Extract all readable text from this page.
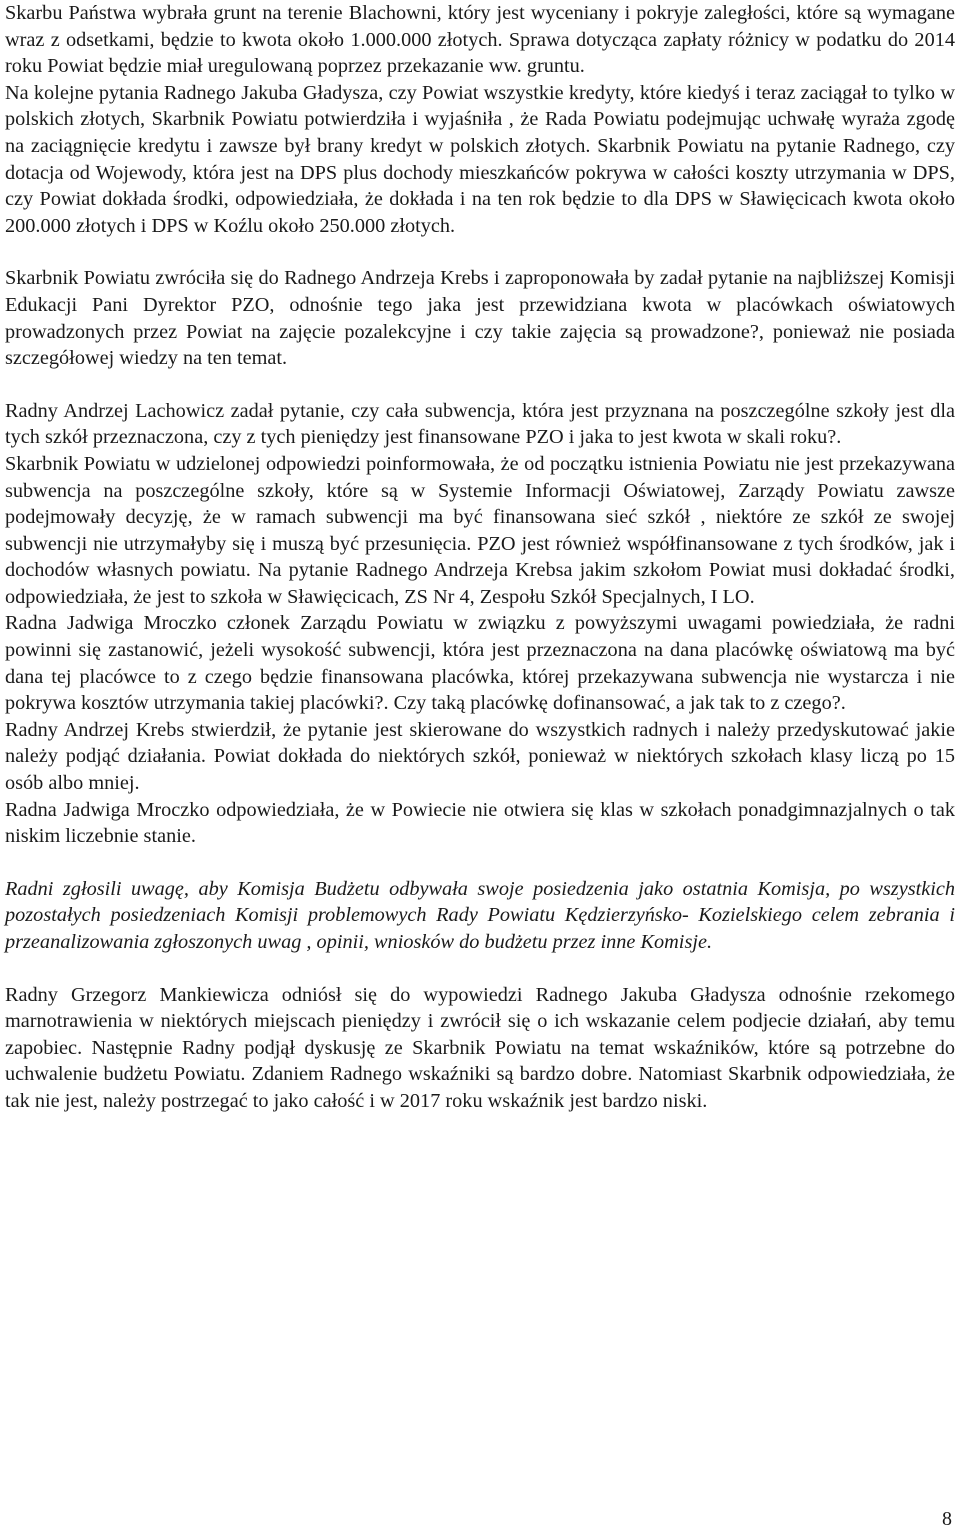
Skarbu Państwa wybrała grunt na terenie Blachowni, który jest wyceniany i pokryje zaległości, które są wymagane wraz z odsetkami, będzie to kwota około 1.000.000 złotych. Sprawa dotycząca zapłaty różnicy w podatku do 2014 roku Powiat będzie miał uregulowaną poprzez przekazanie ww. gruntu.

Na kolejne pytania Radnego Jakuba Gładysza, czy Powiat wszystkie kredyty, które kiedyś i teraz zaciągał to tylko w polskich złotych, Skarbnik Powiatu potwierdziła i wyjaśniła , że Rada Powiatu podejmując uchwałę wyraża zgodę na zaciągnięcie kredytu i zawsze był brany kredyt w polskich złotych. Skarbnik Powiatu na pytanie Radnego, czy dotacja od Wojewody, która jest na DPS plus dochody mieszkańców pokrywa w całości koszty utrzymania w DPS, czy Powiat dokłada środki, odpowiedziała, że dokłada i na ten rok będzie to dla DPS w Sławięcicach kwota około 200.000 złotych i DPS w Koźlu około 250.000 złotych.

Skarbnik Powiatu zwróciła się do Radnego Andrzeja Krebs i zaproponowała by zadał pytanie na najbliższej Komisji Edukacji Pani Dyrektor PZO, odnośnie tego jaka jest przewidziana kwota w placówkach oświatowych prowadzonych przez Powiat na zajęcie pozalekcyjne i czy takie zajęcia są prowadzone?, ponieważ nie posiada szczegółowej wiedzy na ten temat.

Radny Andrzej Lachowicz zadał pytanie, czy cała subwencja, która jest przyznana na poszczególne szkoły jest dla tych szkół przeznaczona, czy z tych pieniędzy jest finansowane PZO i jaka to jest kwota w skali roku?.

Skarbnik Powiatu w udzielonej odpowiedzi poinformowała, że od początku istnienia Powiatu nie jest przekazywana subwencja na poszczególne szkoły, które są w Systemie Informacji Oświatowej, Zarządy Powiatu zawsze podejmowały decyzję, że w ramach subwencji ma być finansowana sieć szkół , niektóre ze szkół ze swojej subwencji nie utrzymałyby się i muszą być przesunięcia. PZO jest również współfinansowane z tych środków, jak i dochodów własnych powiatu. Na pytanie Radnego Andrzeja Krebsa jakim szkołom Powiat musi dokładać środki, odpowiedziała, że jest to szkoła w Sławięcicach, ZS Nr 4, Zespołu Szkół Specjalnych, I LO.

Radna Jadwiga Mroczko członek Zarządu Powiatu w związku z powyższymi uwagami powiedziała, że radni powinni się zastanowić, jeżeli wysokość subwencji, która jest przeznaczona na dana placówkę oświatową ma być dana tej placówce to z czego będzie finansowana placówka, której przekazywana subwencja nie wystarcza i nie pokrywa kosztów utrzymania takiej placówki?. Czy taką placówkę dofinansować, a jak tak to z czego?.

Radny Andrzej Krebs stwierdził, że pytanie jest skierowane do wszystkich radnych i należy przedyskutować jakie należy podjąć działania. Powiat dokłada do niektórych szkół, ponieważ w niektórych szkołach klasy liczą po 15 osób albo mniej.

Radna Jadwiga Mroczko odpowiedziała, że w Powiecie nie otwiera się klas w szkołach ponadgimnazjalnych o tak niskim liczebnie stanie.

Radni zgłosili uwagę, aby Komisja Budżetu odbywała swoje posiedzenia jako ostatnia Komisja, po wszystkich pozostałych posiedzeniach Komisji problemowych Rady Powiatu Kędzierzyńsko- Kozielskiego celem zebrania i przeanalizowania zgłoszonych uwag , opinii, wniosków do budżetu przez inne Komisje.

Radny Grzegorz Mankiewicza odniósł się do wypowiedzi Radnego Jakuba Gładysza odnośnie rzekomego marnotrawienia w niektórych miejscach pieniędzy i zwrócił się o ich wskazanie celem podjecie działań, aby temu zapobiec. Następnie Radny podjął dyskusję ze Skarbnik Powiatu na temat wskaźników, które są potrzebne do uchwalenie budżetu Powiatu. Zdaniem Radnego wskaźniki są bardzo dobre. Natomiast Skarbnik odpowiedziała, że tak nie jest, należy postrzegać to jako całość i w 2017 roku wskaźnik jest bardzo niski.

8
